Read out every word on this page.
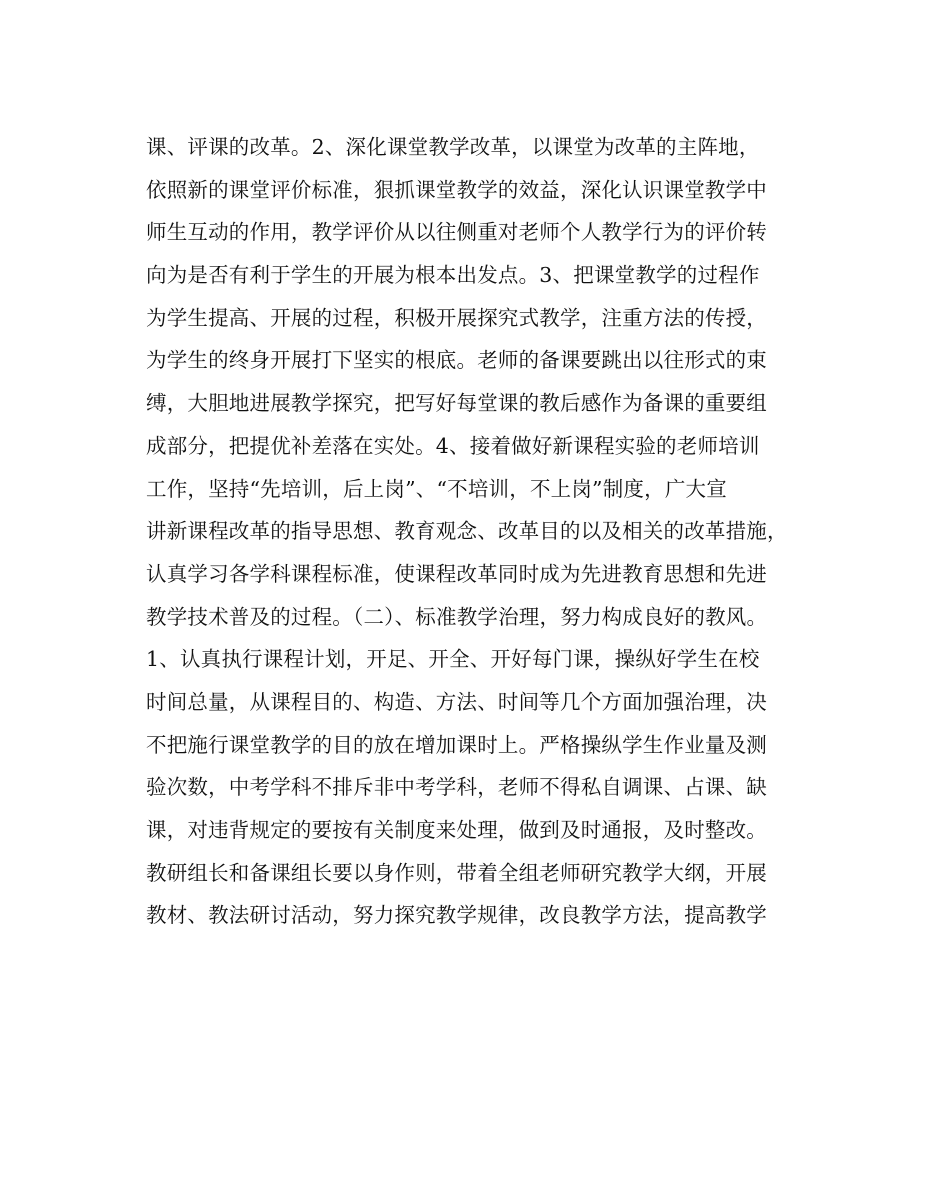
课、评课的改革。2、深化课堂教学改革，以课堂为改革的主阵地，
依照新的课堂评价标准，狠抓课堂教学的效益，深化认识课堂教学中
师生互动的作用，教学评价从以往侧重对老师个人教学行为的评价转
向为是否有利于学生的开展为根本出发点。3、把课堂教学的过程作
为学生提高、开展的过程，积极开展探究式教学，注重方法的传授，
为学生的终身开展打下坚实的根底。老师的备课要跳出以往形式的束
缚，大胆地进展教学探究，把写好每堂课的教后感作为备课的重要组
成部分，把提优补差落在实处。4、接着做好新课程实验的老师培训
工作，坚持“先培训，后上岗”、“不培训，不上岗”制度，广大宣
讲新课程改革的指导思想、教育观念、改革目的以及相关的改革措施，
认真学习各学科课程标准，使课程改革同时成为先进教育思想和先进
教学技术普及的过程。（二）、标准教学治理，努力构成良好的教风。
1、认真执行课程计划，开足、开全、开好每门课，操纵好学生在校
时间总量，从课程目的、构造、方法、时间等几个方面加强治理，决
不把施行课堂教学的目的放在增加课时上。严格操纵学生作业量及测
验次数，中考学科不排斥非中考学科，老师不得私自调课、占课、缺
课，对违背规定的要按有关制度来处理，做到及时通报，及时整改。
教研组长和备课组长要以身作则，带着全组老师研究教学大纲，开展
教材、教法研讨活动，努力探究教学规律，改良教学方法，提高教学
